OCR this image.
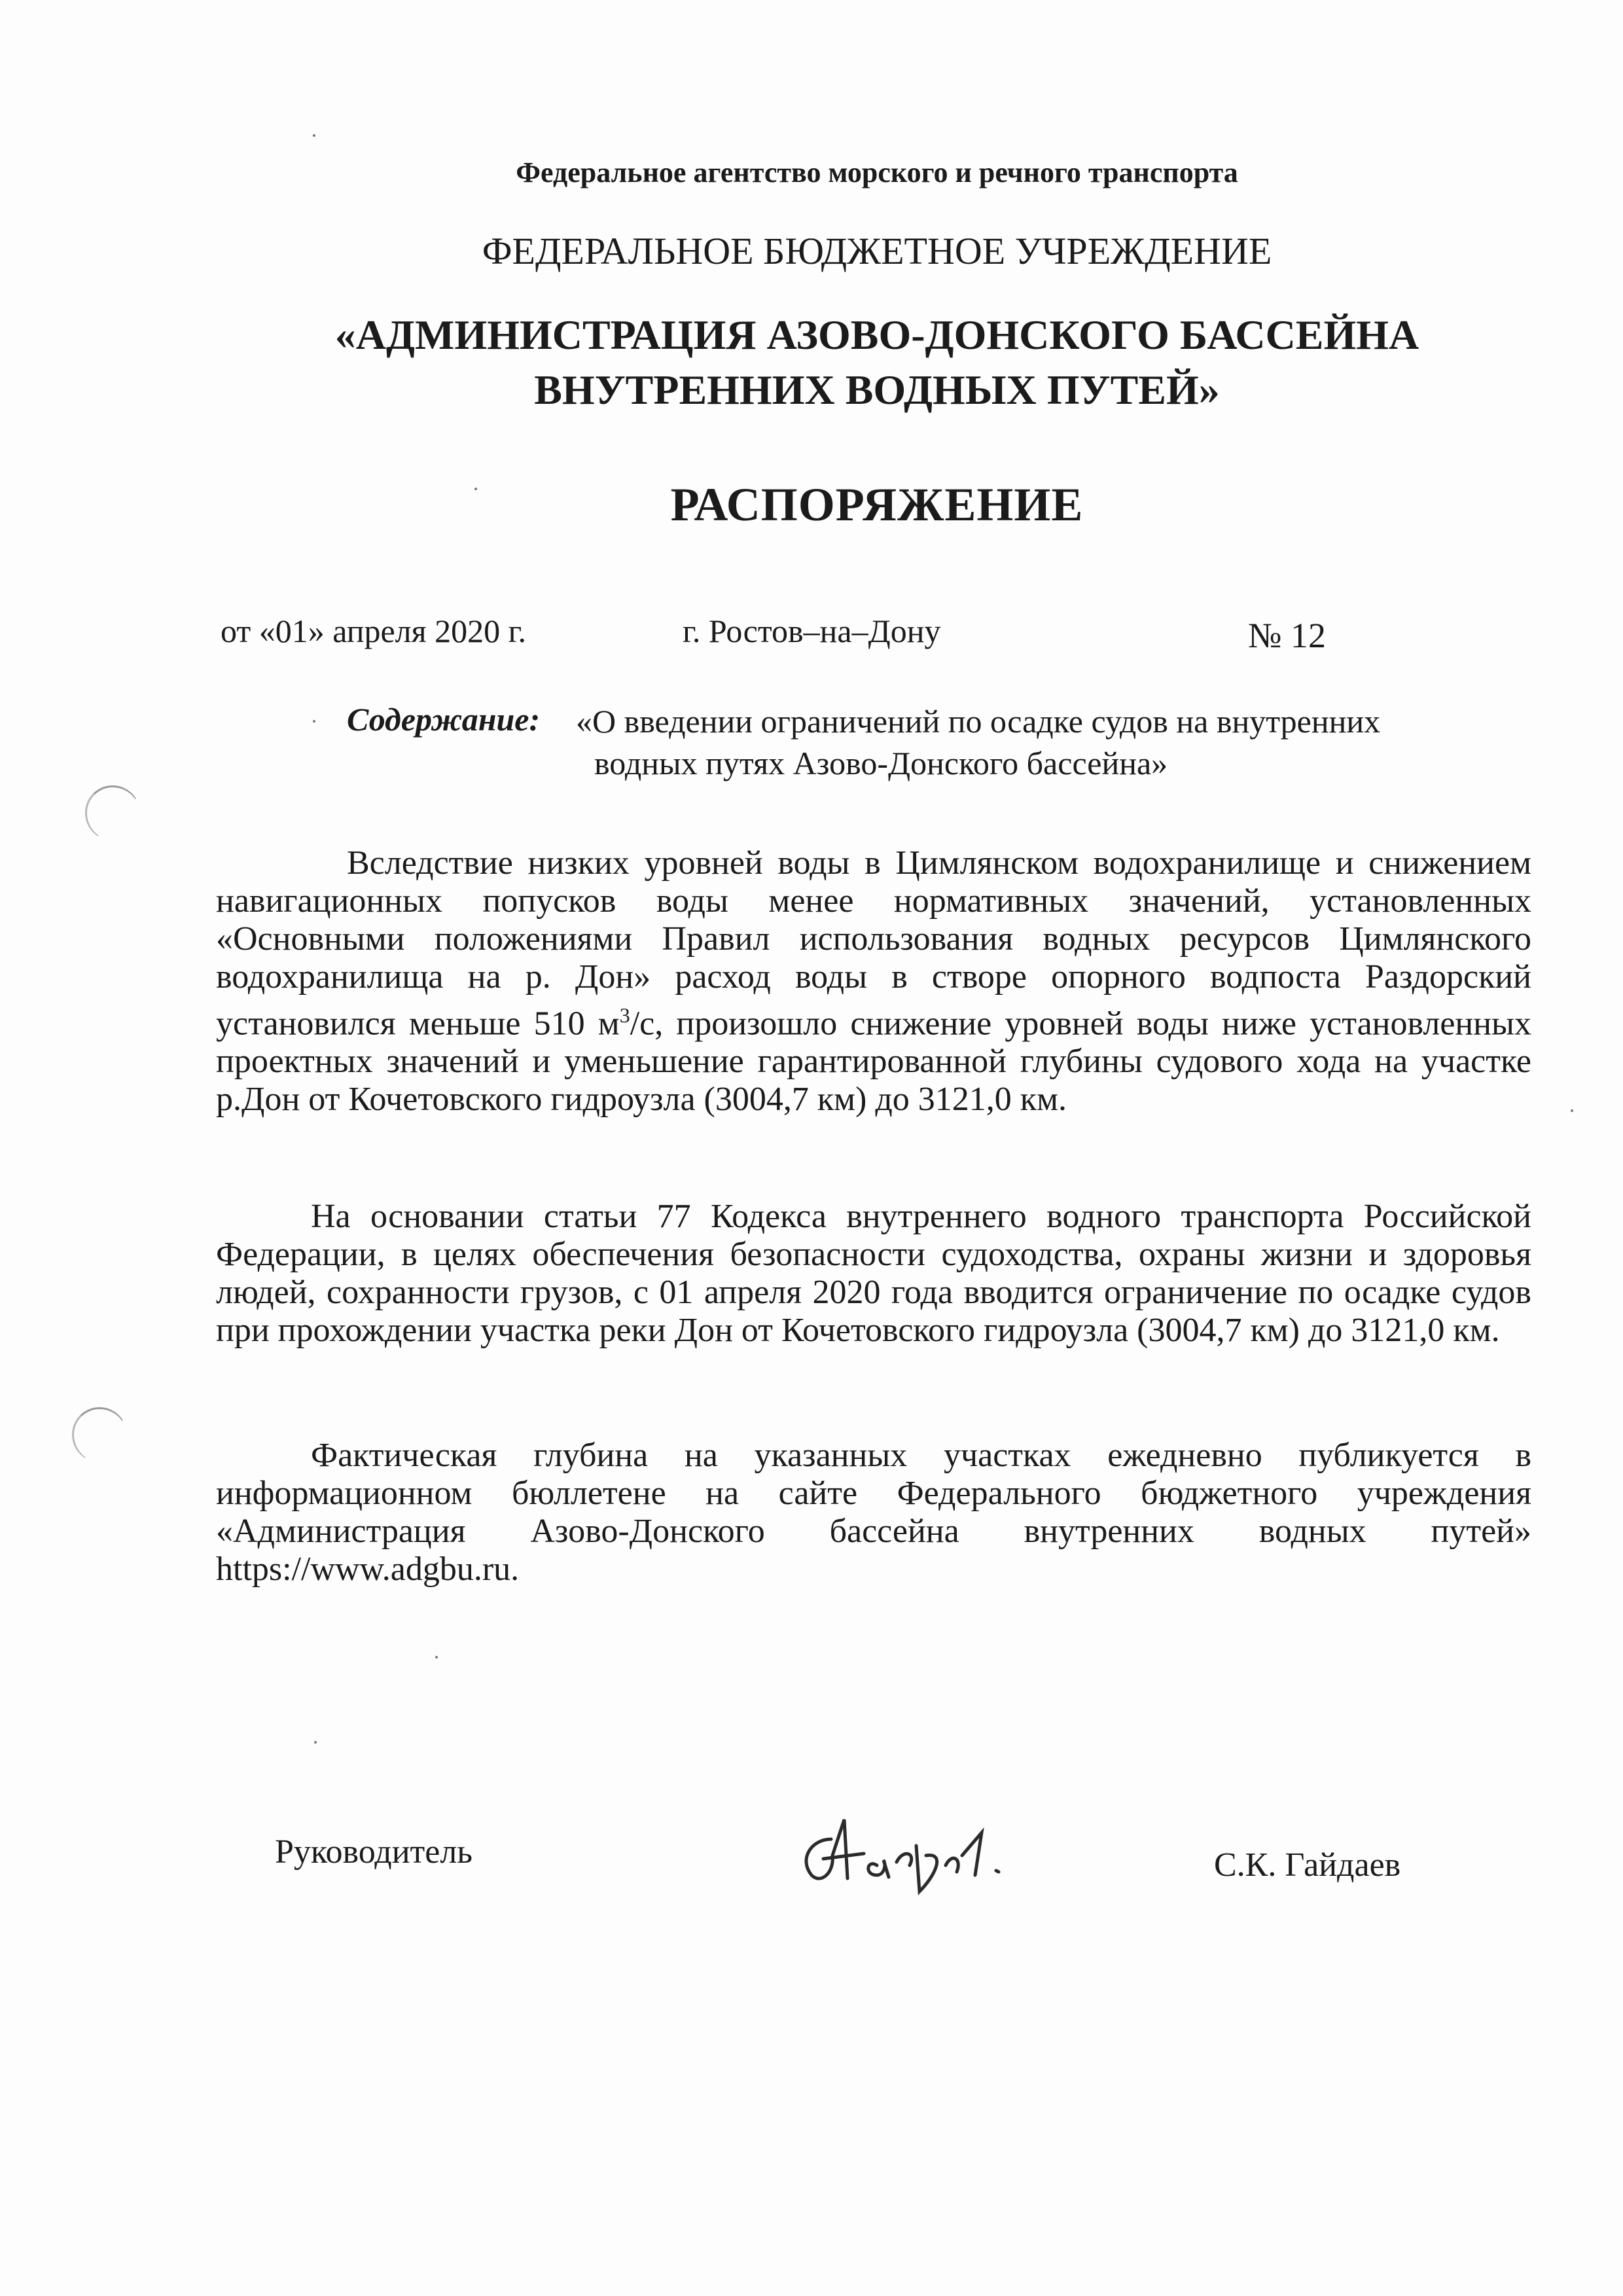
Федеральное агентство морского и речного транспорта
ФЕДЕРАЛЬНОЕ БЮДЖЕТНОЕ УЧРЕЖДЕНИЕ
«АДМИНИСТРАЦИЯ АЗОВО-ДОНСКОГО БАССЕЙНА
ВНУТРЕННИХ ВОДНЫХ ПУТЕЙ»
РАСПОРЯЖЕНИЕ
от «01» апреля 2020 г.	г. Ростов–на–Дону	№ 12
Содержание: «О введении ограничений по осадке судов на внутренних
водных путях Азово-Донского бассейна»
Вследствие низких уровней воды в Цимлянском водохранилище и снижением навигационных попусков воды менее нормативных значений, установленных «Основными положениями Правил использования водных ресурсов Цимлянского водохранилища на р. Дон» расход воды в створе опорного водпоста Раздорский установился меньше 510 $м^3/с$, произошло снижение уровней воды ниже установленных проектных значений и уменьшение гарантированной глубины судового хода на участке р.Дон от Кочетовского гидроузла (3004,7 км) до 3121,0 км.
На основании статьи 77 Кодекса внутреннего водного транспорта Российской Федерации, в целях обеспечения безопасности судоходства, охраны жизни и здоровья людей, сохранности грузов, с 01 апреля 2020 года вводится ограничение по осадке судов при прохождении участка реки Дон от Кочетовского гидроузла (3004,7 км) до 3121,0 км.
Фактическая глубина на указанных участках ежедневно публикуется в информационном бюллетене на сайте Федерального бюджетного учреждения «Администрация Азово-Донского бассейна внутренних водных путей» https://www.adgbu.ru.
Руководитель	С.К. Гайдаев
